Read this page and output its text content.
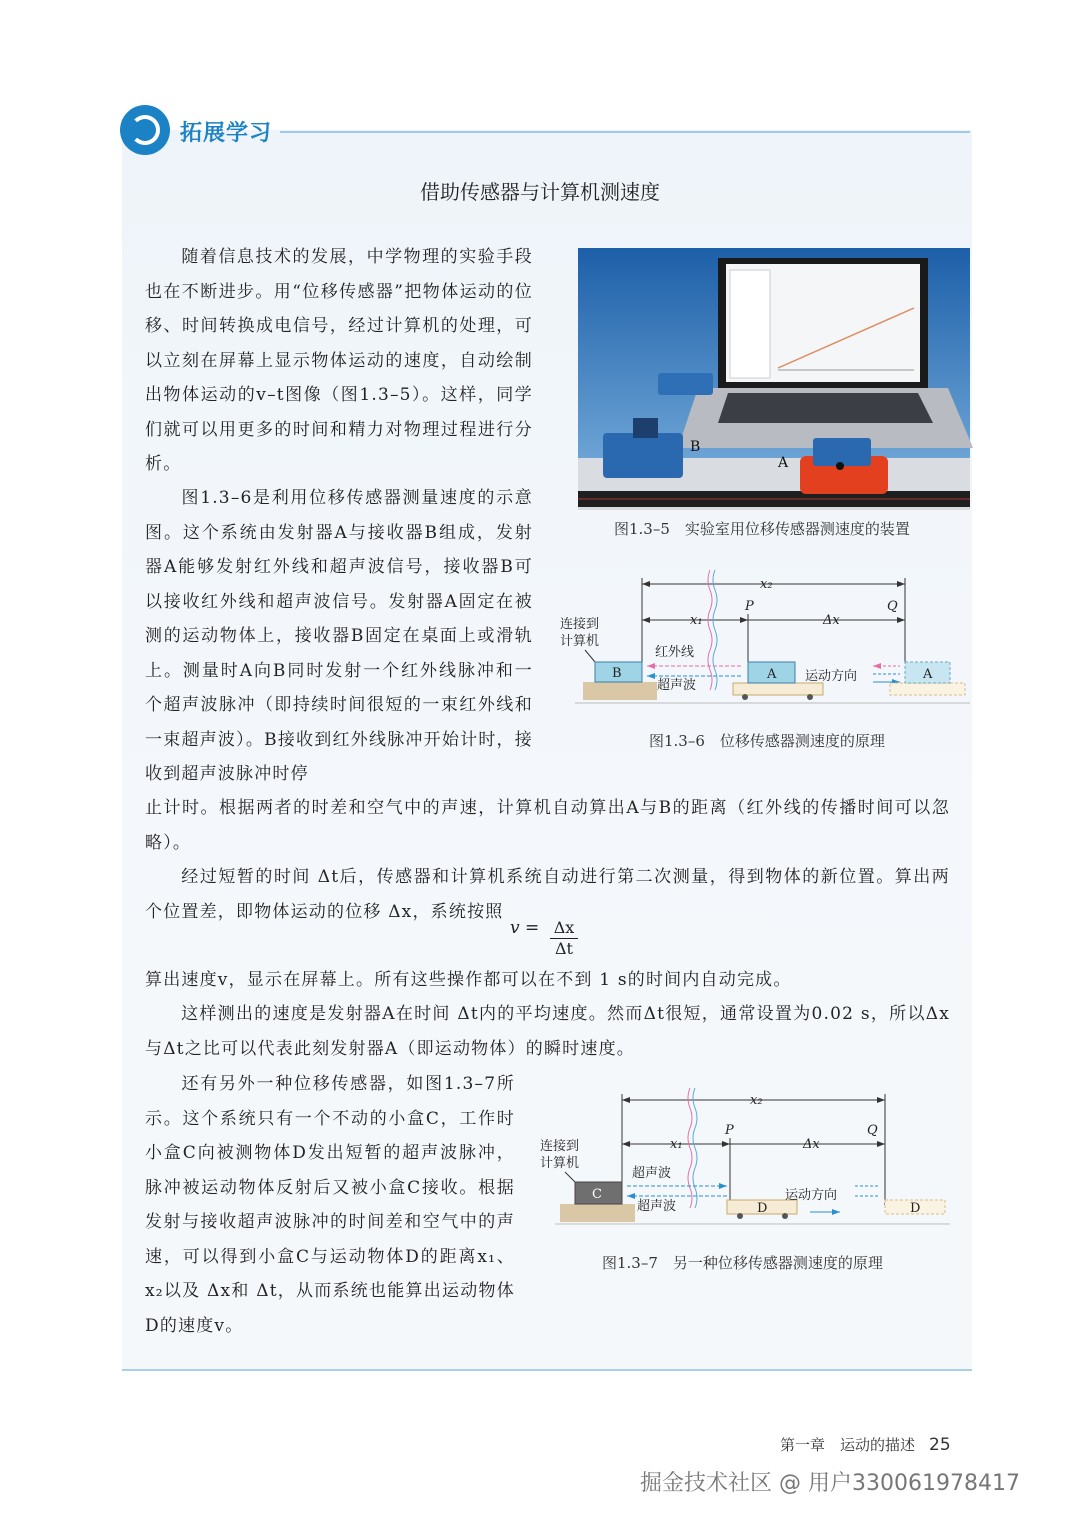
拓展学习
借助传感器与计算机测速度
随着信息技术的发展，中学物理的实验手段也在不断进步。用“位移传感器”把物体运动的位移、时间转换成电信号，经过计算机的处理，可以立刻在屏幕上显示物体运动的速度，自动绘制出物体运动的v–t图像（图1.3–5）。这样，同学们就可以用更多的时间和精力对物理过程进行分析。
图1.3–6是利用位移传感器测量速度的示意图。这个系统由发射器A与接收器B组成，发射器A能够发射红外线和超声波信号，接收器B可以接收红外线和超声波信号。发射器A固定在被测的运动物体上，接收器B固定在桌面上或滑轨上。测量时A向B同时发射一个红外线脉冲和一个超声波脉冲（即持续时间很短的一束红外线和一束超声波）。B接收到红外线脉冲开始计时，接收到超声波脉冲时停
止计时。根据两者的时差和空气中的声速，计算机自动算出A与B的距离（红外线的传播时间可以忽略）。
经过短暂的时间 Δt后，传感器和计算机系统自动进行第二次测量，得到物体的新位置。算出两个位置差，即物体运动的位移 Δx，系统按照
$v = \frac{\Delta x}{\Delta t}$
算出速度v，显示在屏幕上。所有这些操作都可以在不到 1 s的时间内自动完成。
这样测出的速度是发射器A在时间 Δt内的平均速度。然而Δt很短，通常设置为0.02 s，所以Δx与Δt之比可以代表此刻发射器A（即运动物体）的瞬时速度。
还有另外一种位移传感器，如图1.3–7所示。这个系统只有一个不动的小盒C，工作时小盒C向被测物体D发出短暂的超声波脉冲，脉冲被运动物体反射后又被小盒C接收。根据发射与接收超声波脉冲的时间差和空气中的声速，可以得到小盒C与运动物体D的距离x₁、x₂以及 Δx和 Δt，从而系统也能算出运动物体D的速度v。
B
A
图1.3–5　实验室用位移传感器测速度的装置
x₂
x₁	Δx
P	Q
连接到
计算机
B
红外线
超声波
A 运动方向	A
图1.3–6　位移传感器测速度的原理
x₂
x₁	Δx
P	Q
连接到
计算机
C
超声波
超声波	D
运动方向
D
图1.3–7　另一种位移传感器测速度的原理
第一章　运动的描述 25
掘金技术社区 @ 用户3300619784​17
